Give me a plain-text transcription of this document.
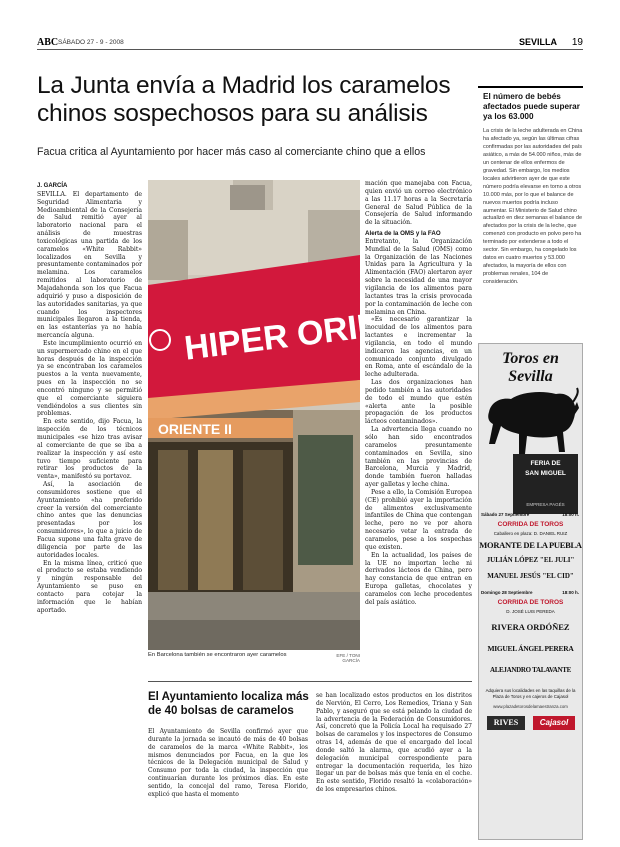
ABC SÁBADO 27 - 9 - 2008	SEVILLA 19
La Junta envía a Madrid los caramelos chinos sospechosos para su análisis
Facua critica al Ayuntamiento por hacer más caso al comerciante chino que a ellos
El número de bebés afectados puede superar ya los 63.000
La crisis de la leche adulterada en China ha afectado ya, según las últimas cifras confirmadas por las autoridades del país asiático, a más de 54.000 niños, más de un centenar de ellos enfermos de gravedad. Sin embargo, los medios locales advirtieron ayer de que este número podría elevarse en torno a otros 10.000 más, por lo que el balance de nuevos muertos podría incluso aumentar. El Ministerio de Salud chino actualizó en diez semanas el balance de afectados por la crisis de la leche, que comenzó con producto en polvo pero ha terminado por extenderse a todo el sector. Sin embargo, ha congelado los datos en cuatro muertos y 53.000 afectados, la mayoría de ellos con problemas renales, 104 de consideración.
J. GARCÍA

SEVILLA. El departamento de Seguridad Alimentaria y Medioambiental de la Consejería de Salud remitió ayer al laboratorio nacional para el análisis de muestras toxicológicas una partida de los caramelos «White Rabbit» localizados en Sevilla y presuntamente contaminados por melamina. Los caramelos remitidos al laboratorio de Majadahonda son los que Facua adquirió y puso a disposición de las autoridades sanitarias, ya que cuando los inspectores municipales llegaron a la tienda, en las estanterías ya no había mercancía alguna.

Este incumplimiento ocurrió en un supermercado chino en el que horas después de la inspección ya se encontraban los caramelos puestos a la venta nuevamente, pues en la inspección no se encontró ninguno y se permitió que el comerciante siguiera vendiéndolos a sus clientes sin problemas.

En este sentido, dijo Facua, la inspección de los técnicos municipales «se hizo tras avisar al comerciante de que se iba a realizar la inspección y así este tuvo tiempo suficiente para retirar los productos de la venta», manifestó su portavoz.

Así, la asociación de consumidores sostiene que el Ayuntamiento «ha preferido creer la versión del comerciante chino antes que las denuncias presentadas por los consumidores», lo que a juicio de Facua supone una falta grave de diligencia por parte de las autoridades locales.

En la misma línea, criticó que el producto se estaba vendiendo y ningún responsable del Ayuntamiento se puso en contacto para cotejar la información que le habían aportado.

HIPER ORIE
ORIENTE II
En Barcelona también se encontraron ayer caramelos	EFE / TONI GARCÍA

mación que manejaba con Facua, quien envió un correo electrónico a las 11.17 horas a la Secretaría General de Salud Pública de la Consejería de Salud informando de la situación.

Alerta de la OMS y la FAO

Entretanto, la Organización Mundial de la Salud (OMS) como la Organización de las Naciones Unidas para la Agricultura y la Alimentación (FAO) alertaron ayer sobre la necesidad de una mayor vigilancia de los alimentos para lactantes tras la crisis provocada por la contaminación de leche con melamina en China.

«Es necesario garantizar la inocuidad de los alimentos para lactantes e incrementar la vigilancia, en todo el mundo indicaron las agencias, en un comunicado conjunto divulgado en Roma, ante el escándalo de la leche adulterada.

Las dos organizaciones han pedido también a las autoridades de todo el mundo que estén «alerta ante la posible propagación de los productos lácteos contaminados».

La advertencia llega cuando no sólo han sido encontrados caramelos presuntamente contaminados en Sevilla, sino también en las provincias de Barcelona, Murcia y Madrid, donde también fueron halladas ayer galletas y leche china.

Pese a ello, la Comisión Europea (CE) prohibió ayer la importación de alimentos exclusivamente infantiles de China que contengan leche, pero no ve por ahora necesario vetar la entrada de caramelos, pese a los sospechas que existen.

En la actualidad, los países de la UE no importan leche ni derivados lácteos de China, pero hay constancia de que entran en Europa galletas, chocolates y caramelos con leche procedentes del país asiático.

El Ayuntamiento localiza más de 40 bolsas de caramelos

El Ayuntamiento de Sevilla confirmó ayer que durante la jornada se incautó de más de 40 bolsas de caramelos de la marca «White Rabbit», los mismos denunciados por Facua, en la que los técnicos de la Delegación municipal de Salud y Consumo por toda la ciudad, la inspección que continuarían durante los próximos días. En este sentido, la concejal del ramo, Teresa Florido, explicó que hasta el momento

se han localizado estos productos en los distritos de Nervión, El Cerro, Los Remedios, Triana y San Pablo, y aseguró que se está pelando la ciudad de la advertencia de la Federación de Consumidores. Así, concretó que la Policía Local ha requisado 27 bolsas de caramelos y los inspectores de Consumo otras 14, además de que el encargado del local donde saltó la alarma, que acudió ayer a la delegación municipal correspondiente para entregar la documentación requerida, les hizo llegar un par de bolsas más que tenía en el coche. En este sentido, Florido resaltó la «colaboración» de los empresarios chinos.

Toros en Sevilla
FERIA DE
SAN MIGUEL
EMPRESA PAGÉS
Sábado 27 Septiembre	18:00 h.
CORRIDA DE TOROS
Caballero en plaza: D. DANIEL RUIZ
MORANTE DE LA PUEBLA
JULIÁN LÓPEZ "EL JULI"
MANUEL JESÚS "EL CID"
Domingo 28 Septiembre	18:00 h.
CORRIDA DE TOROS
D. JOSÉ LUIS PEREDA
RIVERA ORDÓÑEZ
MIGUEL ÁNGEL PERERA
ALEJANDRO TALAVANTE
Adquiera sus localidades en las taquillas de la Plaza de Toros y en cajeros de Cajasol
www.plazadetorosdelamaestranza.com
RIVES	Cajasol
